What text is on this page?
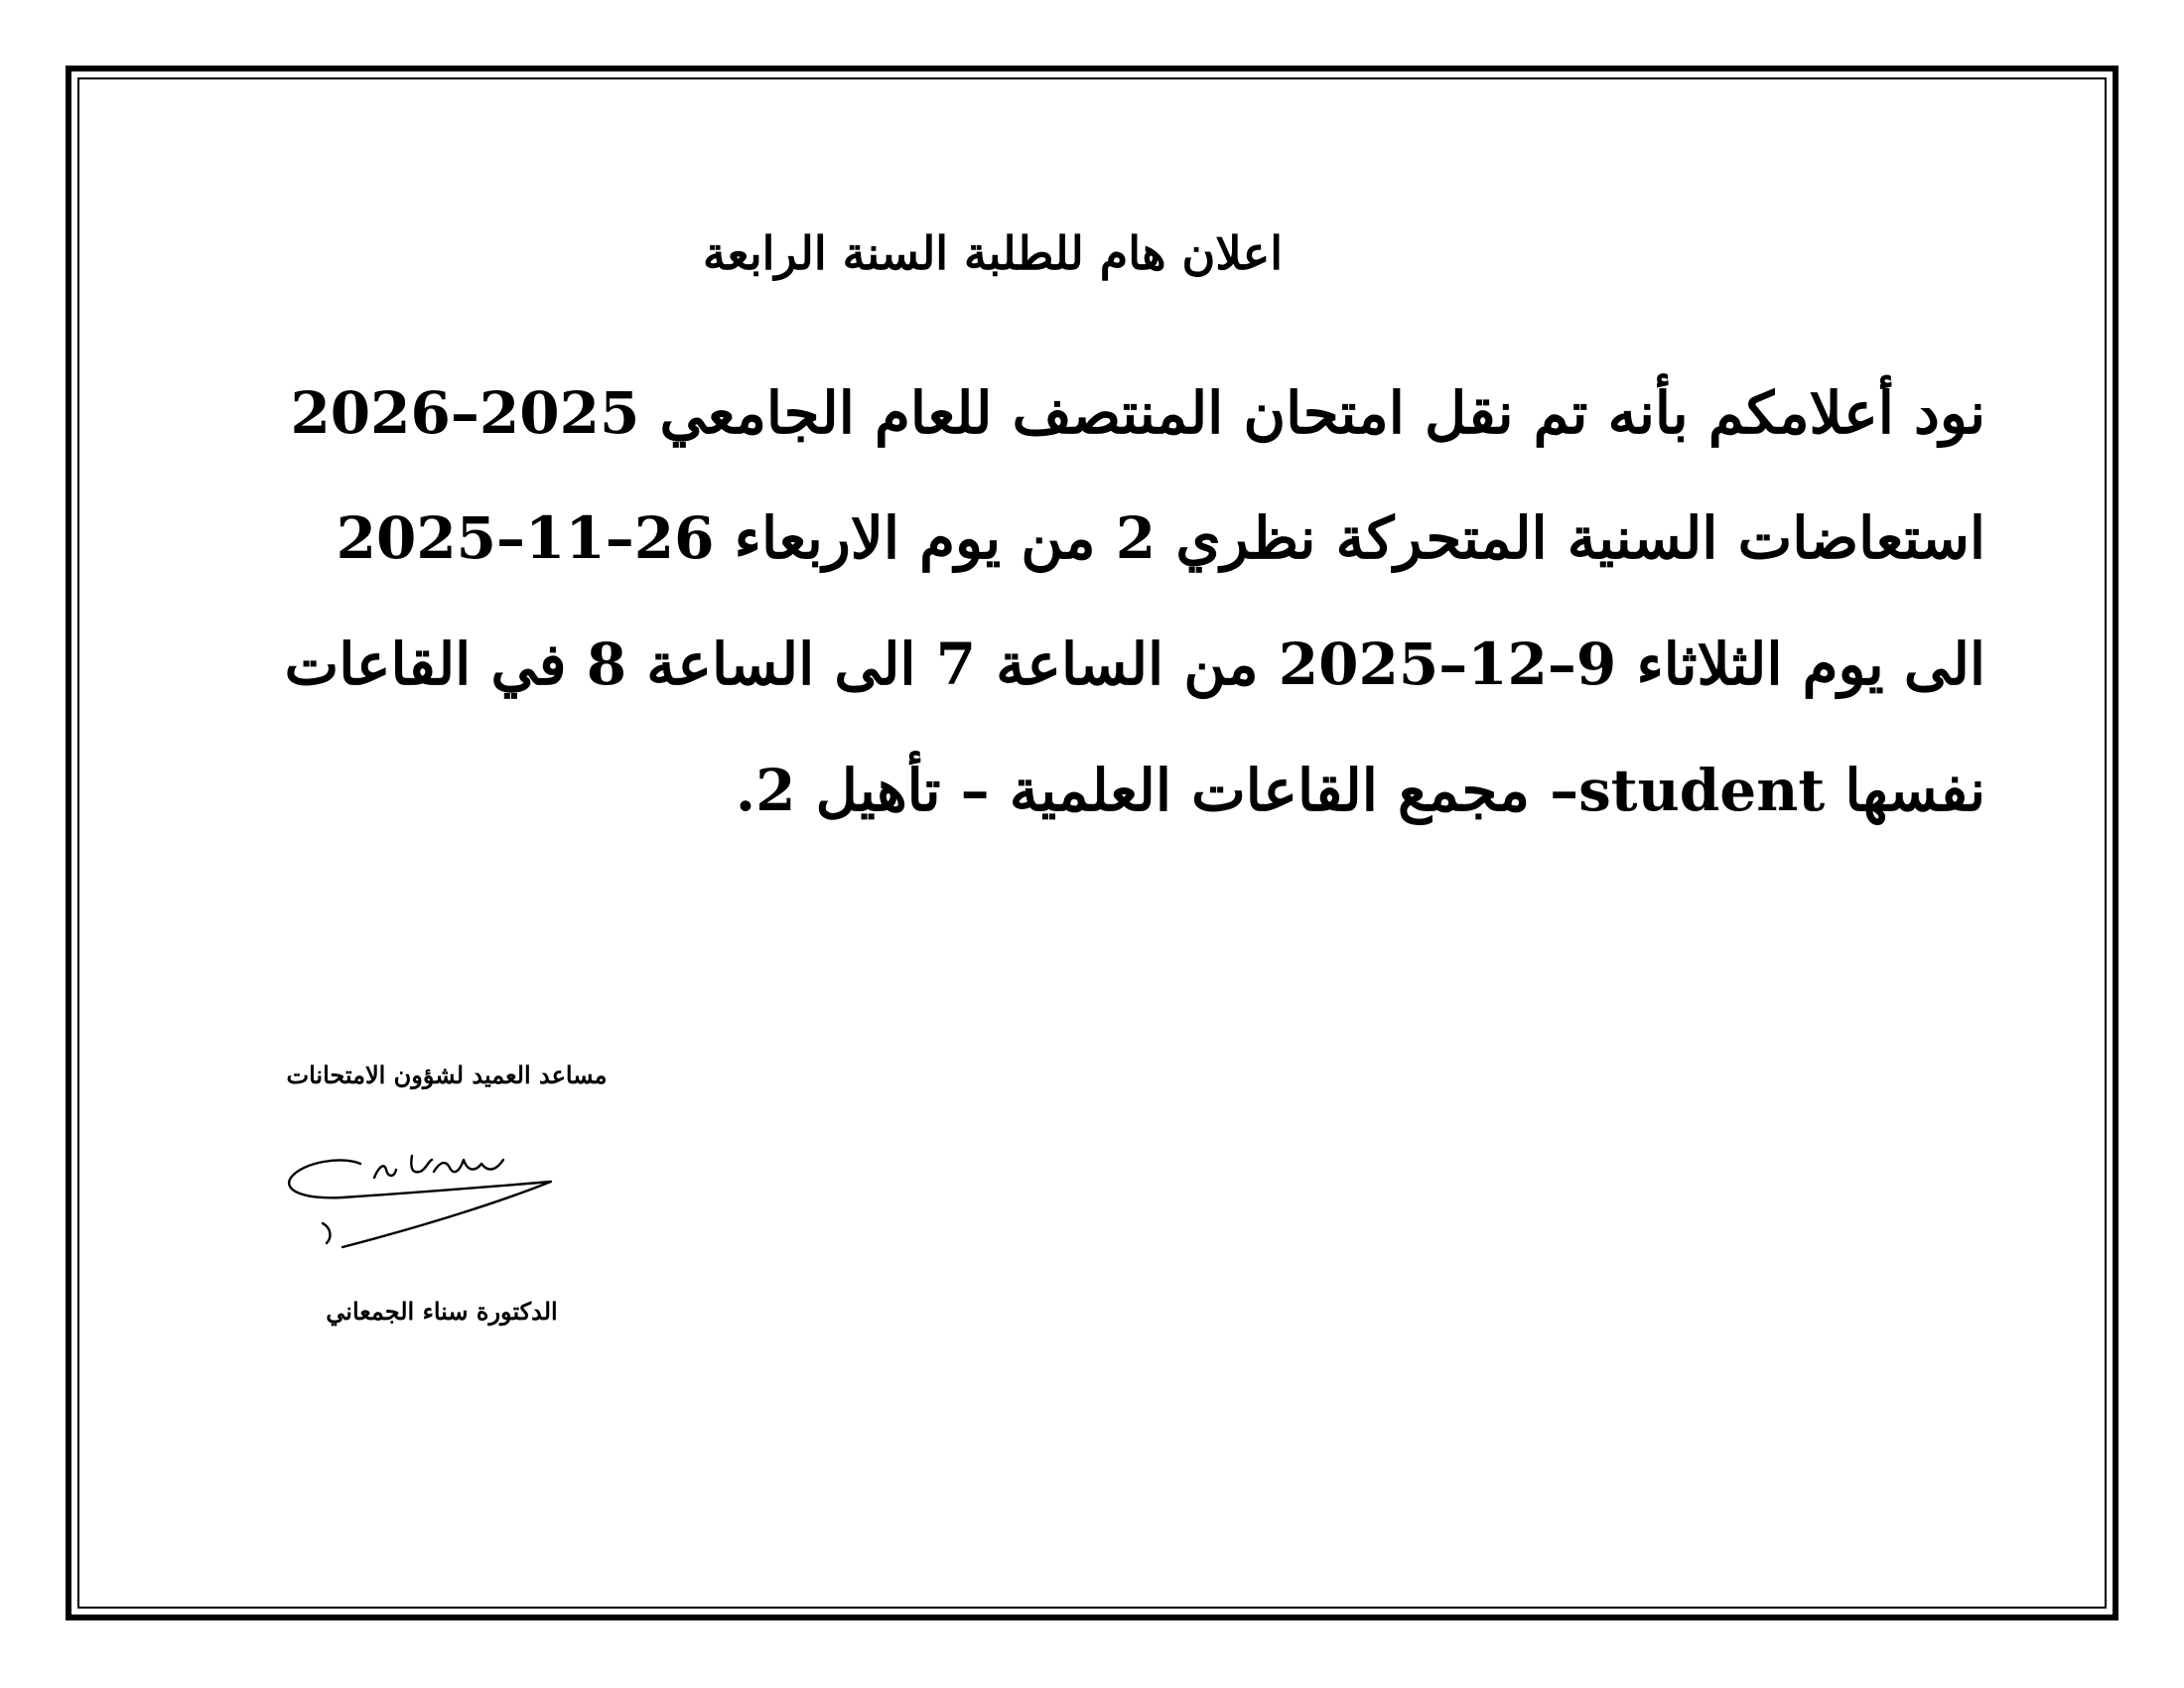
اعلان هام للطلبة السنة الرابعة
نود أعلامكم بأنه تم نقل امتحان المنتصف للعام الجامعي 2025–2026
استعاضات السنية المتحركة نظري 2 من يوم الاربعاء 26–11–2025
الى يوم الثلاثاء 9–12–2025 من الساعة 7 الى الساعة 8 في القاعات
نفسها student– مجمع القاعات العلمية – تأهيل 2.
مساعد العميد لشؤون الامتحانات
الدكتورة سناء الجمعاني
